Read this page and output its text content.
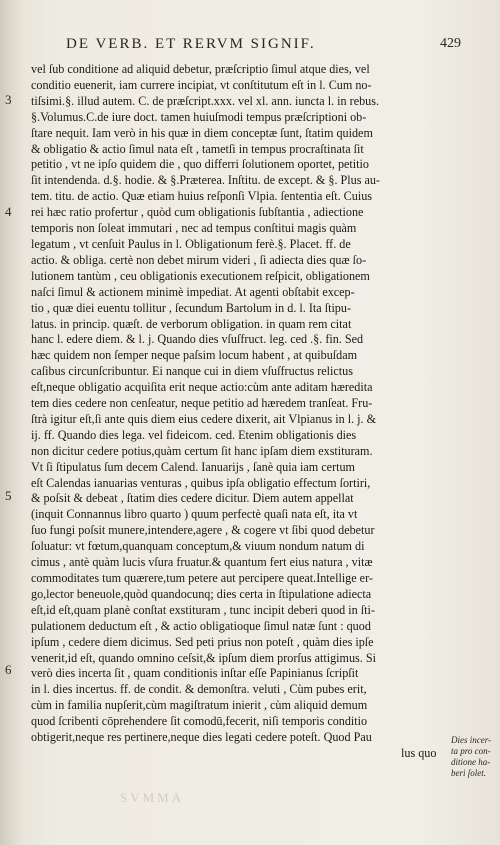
DE VERB. ET RERVM SIGNIF.	429
3
4
5
6
SVMMA
vel ſub conditione ad aliquid debetur, præſcriptio ſimul atque dies, vel
conditio euenerit, iam currere incipiat, vt conſtitutum eſt in l. Cum no-
tiſsimi.§. illud autem. C. de præſcript.xxx. vel xl. ann. iuncta l. in rebus.
§.Volumus.C.de iure doct. tamen huiuſmodi tempus præſcriptioni ob-
ſtare nequit. Iam verò in his quæ in diem conceptæ ſunt, ſtatim quidem
& obligatio & actio ſimul nata eſt , tametſi in tempus procraſtinata ſit
petitio , vt ne ipſo quidem die , quo differri ſolutionem oportet, petitio
ſit intendenda. d.§. hodie. & §.Præterea. Inſtitu. de except. & §. Plus au-
tem. titu. de actio. Quæ etiam huius reſponſi Vlpia. ſententia eſt. Cuius
rei hæc ratio profertur , quòd cum obligationis ſubſtantia , adiectione
temporis non ſoleat immutari , nec ad tempus conſtitui magis quàm
legatum , vt cenſuit Paulus in l. Obligationum ferè.§. Placet. ff. de
actio. & obliga. certè non debet mirum videri , ſi adiecta dies quæ ſo-
lutionem tantùm , ceu obligationis executionem reſpicit, obligationem
naſci ſimul & actionem minimè impediat. At agenti obſtabit excep-
tio , quæ diei euentu tollitur , ſecundum Bartolum in d. l. Ita ſtipu-
latus. in princip. quæſt. de verborum obligation. in quam rem citat
hanc l. edere diem. & l. j. Quando dies vſuſfruct. leg. ced .§. fin. Sed
hæc quidem non ſemper neque paſsim locum habent , at quibuſdam
caſibus circunſcribuntur. Ei nanque cui in diem vſuſfructus relictus
eſt,neque obligatio acquiſita erit neque actio:cùm ante aditam hæredita
tem dies cedere non cenſeatur, neque petitio ad hæredem tranſeat. Fru-
ſtrà igitur eſt,ſi ante quis diem eius cedere dixerit, ait Vlpianus in l. j. &
ij. ff. Quando dies lega. vel fideicom. ced. Etenim obligationis dies
non dicitur cedere potius,quàm certum ſit hanc ipſam diem exstituram.
Vt ſi ſtipulatus ſum decem Calend. Ianuarijs , ſanè quia iam certum
eſt Calendas ianuarias venturas , quibus ipſa obligatio effectum ſortiri,
& poſsit & debeat , ſtatim dies cedere dicitur. Diem autem appellat
(inquit Connannus libro quarto ) quum perfectè quaſi nata eſt, ita vt
ſuo fungi poſsit munere,intendere,agere , & cogere vt ſibi quod debetur
ſoluatur: vt fœtum,quanquam conceptum,& viuum nondum natum di
cimus , antè quàm lucis vſura fruatur.& quantum fert eius natura , vitæ
commoditates tum quærere,tum petere aut percipere queat.Intellige er-
go,lector beneuole,quòd quandocunq; dies certa in ſtipulatione adiecta
eſt,id eſt,quam planè conſtat exstituram , tunc incipit deberi quod in ſti-
pulationem deductum eſt , & actio obligatioque ſimul natæ ſunt : quod
ipſum , cedere diem dicimus. Sed peti prius non poteſt , quàm dies ipſe
venerit,id eſt, quando omnino ceſsit,& ipſum diem prorſus attigimus. Si
verò dies incerta ſit , quam conditionis inſtar eſſe Papinianus ſcripſit
in l. dies incertus. ff. de condit. & demonſtra. veluti , Cùm pubes erit,
cùm in familia nupſerit,cùm magiſtratum inierit , cùm aliquid demum
quod ſcribenti cōprehendere ſit comodū,fecerit, niſi temporis conditio
obtigerit,neque res pertinere,neque dies legati cedere poteſt. Quod Pau
lus quo
Dies incer-
ta pro con-
ditione ha-
beri ſolet.
